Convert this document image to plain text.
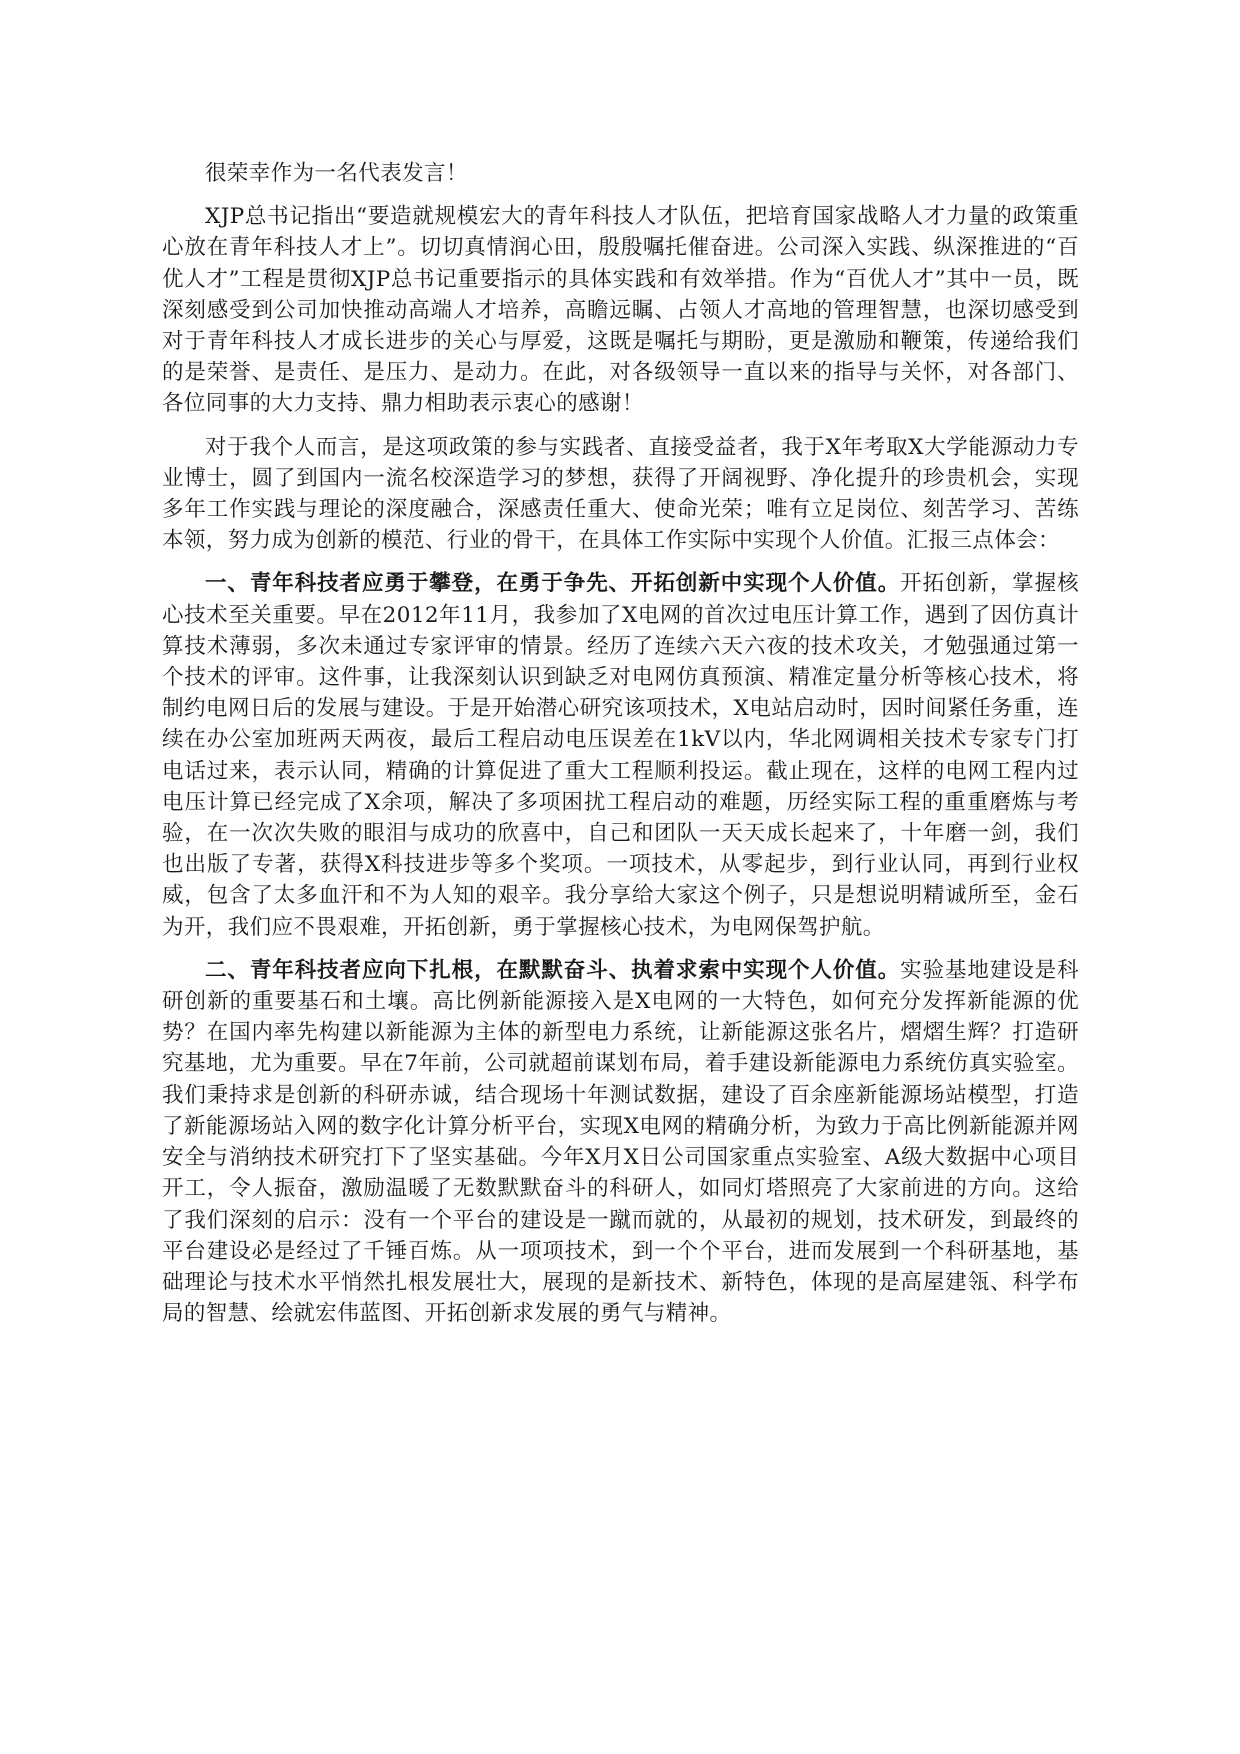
很荣幸作为一名代表发言！

XJP总书记指出“要造就规模宏大的青年科技人才队伍，把培育国家战略人才力量的政策重心放在青年科技人才上”。切切真情润心田，殷殷嘱托催奋进。公司深入实践、纵深推进的“百优人才”工程是贯彻XJP总书记重要指示的具体实践和有效举措。作为“百优人才”其中一员，既深刻感受到公司加快推动高端人才培养，高瞻远瞩、占领人才高地的管理智慧，也深切感受到对于青年科技人才成长进步的关心与厚爱，这既是嘱托与期盼，更是激励和鞭策，传递给我们的是荣誉、是责任、是压力、是动力。在此，对各级领导一直以来的指导与关怀，对各部门、各位同事的大力支持、鼎力相助表示衷心的感谢！

对于我个人而言，是这项政策的参与实践者、直接受益者，我于X年考取X大学能源动力专业博士，圆了到国内一流名校深造学习的梦想，获得了开阔视野、净化提升的珍贵机会，实现多年工作实践与理论的深度融合，深感责任重大、使命光荣；唯有立足岗位、刻苦学习、苦练本领，努力成为创新的模范、行业的骨干，在具体工作实际中实现个人价值。汇报三点体会：

一、青年科技者应勇于攀登，在勇于争先、开拓创新中实现个人价值。开拓创新，掌握核心技术至关重要。早在2012年11月，我参加了X电网的首次过电压计算工作，遇到了因仿真计算技术薄弱，多次未通过专家评审的情景。经历了连续六天六夜的技术攻关，才勉强通过第一个技术的评审。这件事，让我深刻认识到缺乏对电网仿真预演、精准定量分析等核心技术，将制约电网日后的发展与建设。于是开始潜心研究该项技术，X电站启动时，因时间紧任务重，连续在办公室加班两天两夜，最后工程启动电压误差在1kV以内，华北网调相关技术专家专门打电话过来，表示认同，精确的计算促进了重大工程顺利投运。截止现在，这样的电网工程内过电压计算已经完成了X余项，解决了多项困扰工程启动的难题，历经实际工程的重重磨炼与考验，在一次次失败的眼泪与成功的欣喜中，自己和团队一天天成长起来了，十年磨一剑，我们也出版了专著，获得X科技进步等多个奖项。一项技术，从零起步，到行业认同，再到行业权威，包含了太多血汗和不为人知的艰辛。我分享给大家这个例子，只是想说明精诚所至，金石为开，我们应不畏艰难，开拓创新，勇于掌握核心技术，为电网保驾护航。

二、青年科技者应向下扎根，在默默奋斗、执着求索中实现个人价值。实验基地建设是科研创新的重要基石和土壤。高比例新能源接入是X电网的一大特色，如何充分发挥新能源的优势？在国内率先构建以新能源为主体的新型电力系统，让新能源这张名片，熠熠生辉？打造研究基地，尤为重要。早在7年前，公司就超前谋划布局，着手建设新能源电力系统仿真实验室。我们秉持求是创新的科研赤诚，结合现场十年测试数据，建设了百余座新能源场站模型，打造了新能源场站入网的数字化计算分析平台，实现X电网的精确分析，为致力于高比例新能源并网安全与消纳技术研究打下了坚实基础。今年X月X日公司国家重点实验室、A级大数据中心项目开工，令人振奋，激励温暖了无数默默奋斗的科研人，如同灯塔照亮了大家前进的方向。这给了我们深刻的启示：没有一个平台的建设是一蹴而就的，从最初的规划，技术研发，到最终的平台建设必是经过了千锤百炼。从一项项技术，到一个个平台，进而发展到一个科研基地，基础理论与技术水平悄然扎根发展壮大，展现的是新技术、新特色，体现的是高屋建瓴、科学布局的智慧、绘就宏伟蓝图、开拓创新求发展的勇气与精神。
